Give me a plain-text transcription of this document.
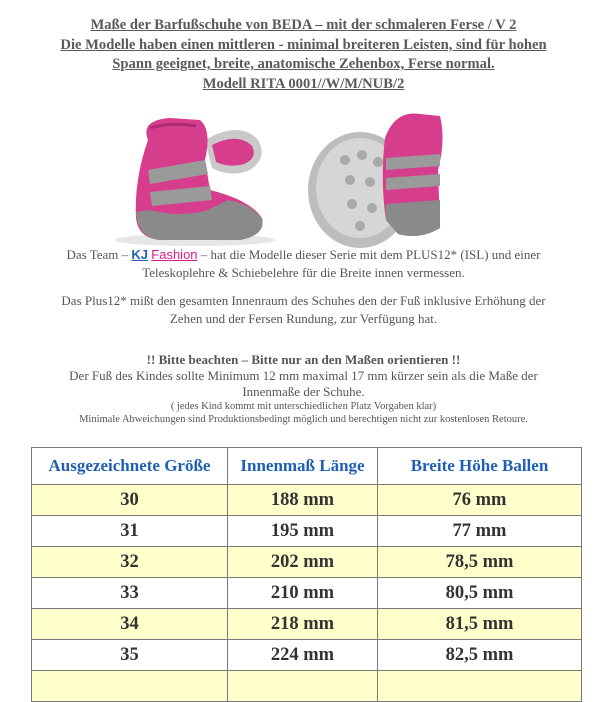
Maße der Barfußschuhe von BEDA – mit der schmaleren Ferse / V 2
Die Modelle haben einen mittleren - minimal breiteren Leisten, sind für hohen
Spann geeignet, breite, anatomische Zehenbox, Ferse normal.
Modell RITA 0001//W/M/NUB/2

Das Team – KJ Fashion – hat die Modelle dieser Serie mit dem PLUS12* (ISL) und einer

Teleskoplehre & Schiebelehre für die Breite innen vermessen.

Das Plus12* mißt den gesamten Innenraum des Schuhes den der Fuß inklusive Erhöhung der

Zehen und der Fersen Rundung, zur Verfügung hat.

!! Bitte beachten – Bitte nur an den Maßen orientieren !!
Der Fuß des Kindes sollte Minimum 12 mm maximal 17 mm kürzer sein als die Maße der
Innenmaße der Schuhe.
( jedes Kind kommt mit unterschiedlichen Platz Vorgaben klar)
Minimale Abweichungen sind Produktionsbedingt möglich und berechtigen nicht zur kostenlosen Retoure.
Ausgezeichnete Größe	Innenmaß Länge	Breite Höhe Ballen
30	188 mm	76 mm
31	195 mm	77 mm
32	202 mm	78,5 mm
33	210 mm	80,5 mm
34	218 mm	81,5 mm
35	224 mm	82,5 mm
